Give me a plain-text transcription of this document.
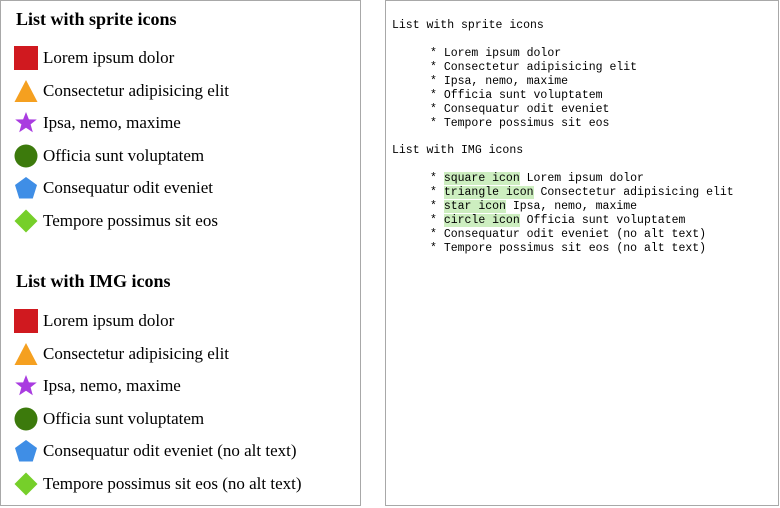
List with sprite icons
Lorem ipsum dolor
Consectetur adipisicing elit
Ipsa, nemo, maxime
Officia sunt voluptatem
Consequatur odit eveniet
Tempore possimus sit eos
List with IMG icons
Lorem ipsum dolor
Consectetur adipisicing elit
Ipsa, nemo, maxime
Officia sunt voluptatem
Consequatur odit eveniet (no alt text)
Tempore possimus sit eos (no alt text)
List with sprite icons
* Lorem ipsum dolor
* Consectetur adipisicing elit
* Ipsa, nemo, maxime
* Officia sunt voluptatem
* Consequatur odit eveniet
* Tempore possimus sit eos
List with IMG icons
* square icon Lorem ipsum dolor
* triangle icon Consectetur adipisicing elit
* star icon Ipsa, nemo, maxime
* circle icon Officia sunt voluptatem
* Consequatur odit eveniet (no alt text)
* Tempore possimus sit eos (no alt text)
